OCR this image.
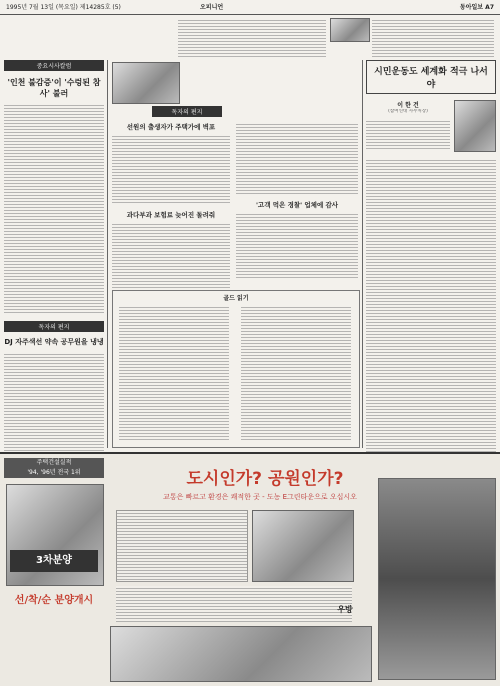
1995년 7월 13일 (목요일) 제14285호 (5)	오피니언	동아일보 A7
중요시사칼럼
'인천 불감증'이 '수렁된 참사' 불러
독자의 편지
DJ 자주색선 약속 공무원을 냉냉
독자의 편지
선원의 출생자가 주택가에 벽포
과다부과 보험료 늦어진 돌려줘
'고객 먹은 경찰' 업체에 감사
골드 읽기
시민운동도 세계화 적극 나서야
이 한 건
(참여연대 사무처장)
주택건설실적
'94, '96년 전국 1위	도시인가? 공원인가?
교통은 빠르고 환경은 쾌적한 곳 - 도농 E그린타운으로 오십시오
3차분양
선/착/순 분양개시
우방
